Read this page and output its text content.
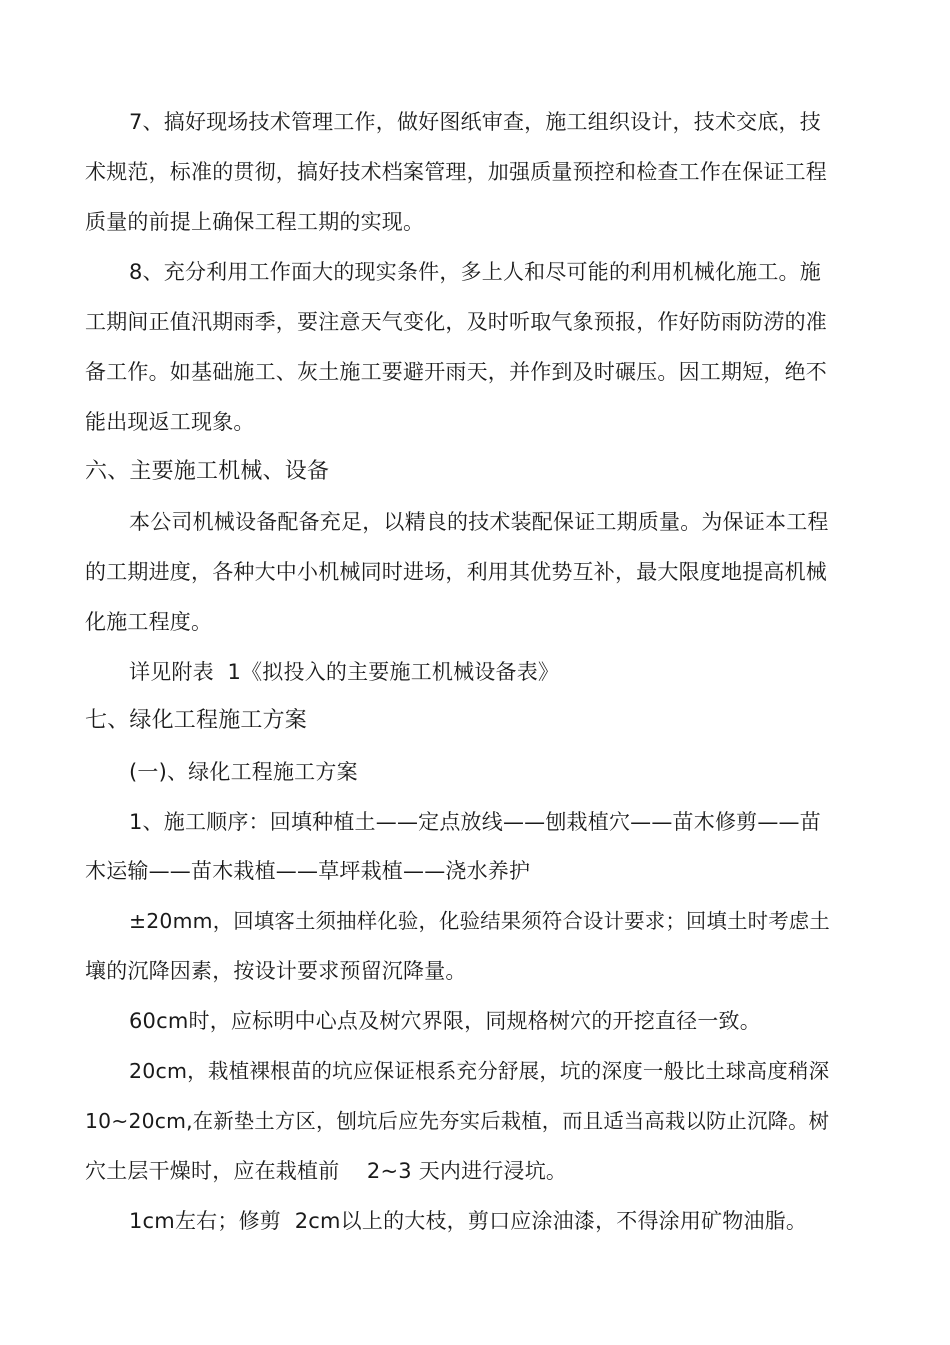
7、搞好现场技术管理工作，做好图纸审查，施工组织设计，技术交底，技
术规范，标准的贯彻，搞好技术档案管理，加强质量预控和检查工作在保证工程
质量的前提上确保工程工期的实现。
8、充分利用工作面大的现实条件，多上人和尽可能的利用机械化施工。施
工期间正值汛期雨季，要注意天气变化，及时听取气象预报，作好防雨防涝的准
备工作。如基础施工、灰土施工要避开雨天，并作到及时碾压。因工期短，绝不
能出现返工现象。
六、主要施工机械、设备
本公司机械设备配备充足，以精良的技术装配保证工期质量。为保证本工程
的工期进度，各种大中小机械同时进场，利用其优势互补，最大限度地提高机械
化施工程度。
详见附表  1《拟投入的主要施工机械设备表》
七、绿化工程施工方案
(一)、绿化工程施工方案
1、施工顺序：回填种植土——定点放线——刨栽植穴——苗木修剪——苗
木运输——苗木栽植——草坪栽植——浇水养护
±20mm，回填客土须抽样化验，化验结果须符合设计要求；回填土时考虑土
壤的沉降因素，按设计要求预留沉降量。
60cm时，应标明中心点及树穴界限，同规格树穴的开挖直径一致。
20cm，栽植裸根苗的坑应保证根系充分舒展，坑的深度一般比土球高度稍深
10~20cm,在新垫土方区，刨坑后应先夯实后栽植，而且适当高栽以防止沉降。树
穴土层干燥时，应在栽植前    2~3 天内进行浸坑。
1cm左右；修剪  2cm以上的大枝，剪口应涂油漆，不得涂用矿物油脂。
